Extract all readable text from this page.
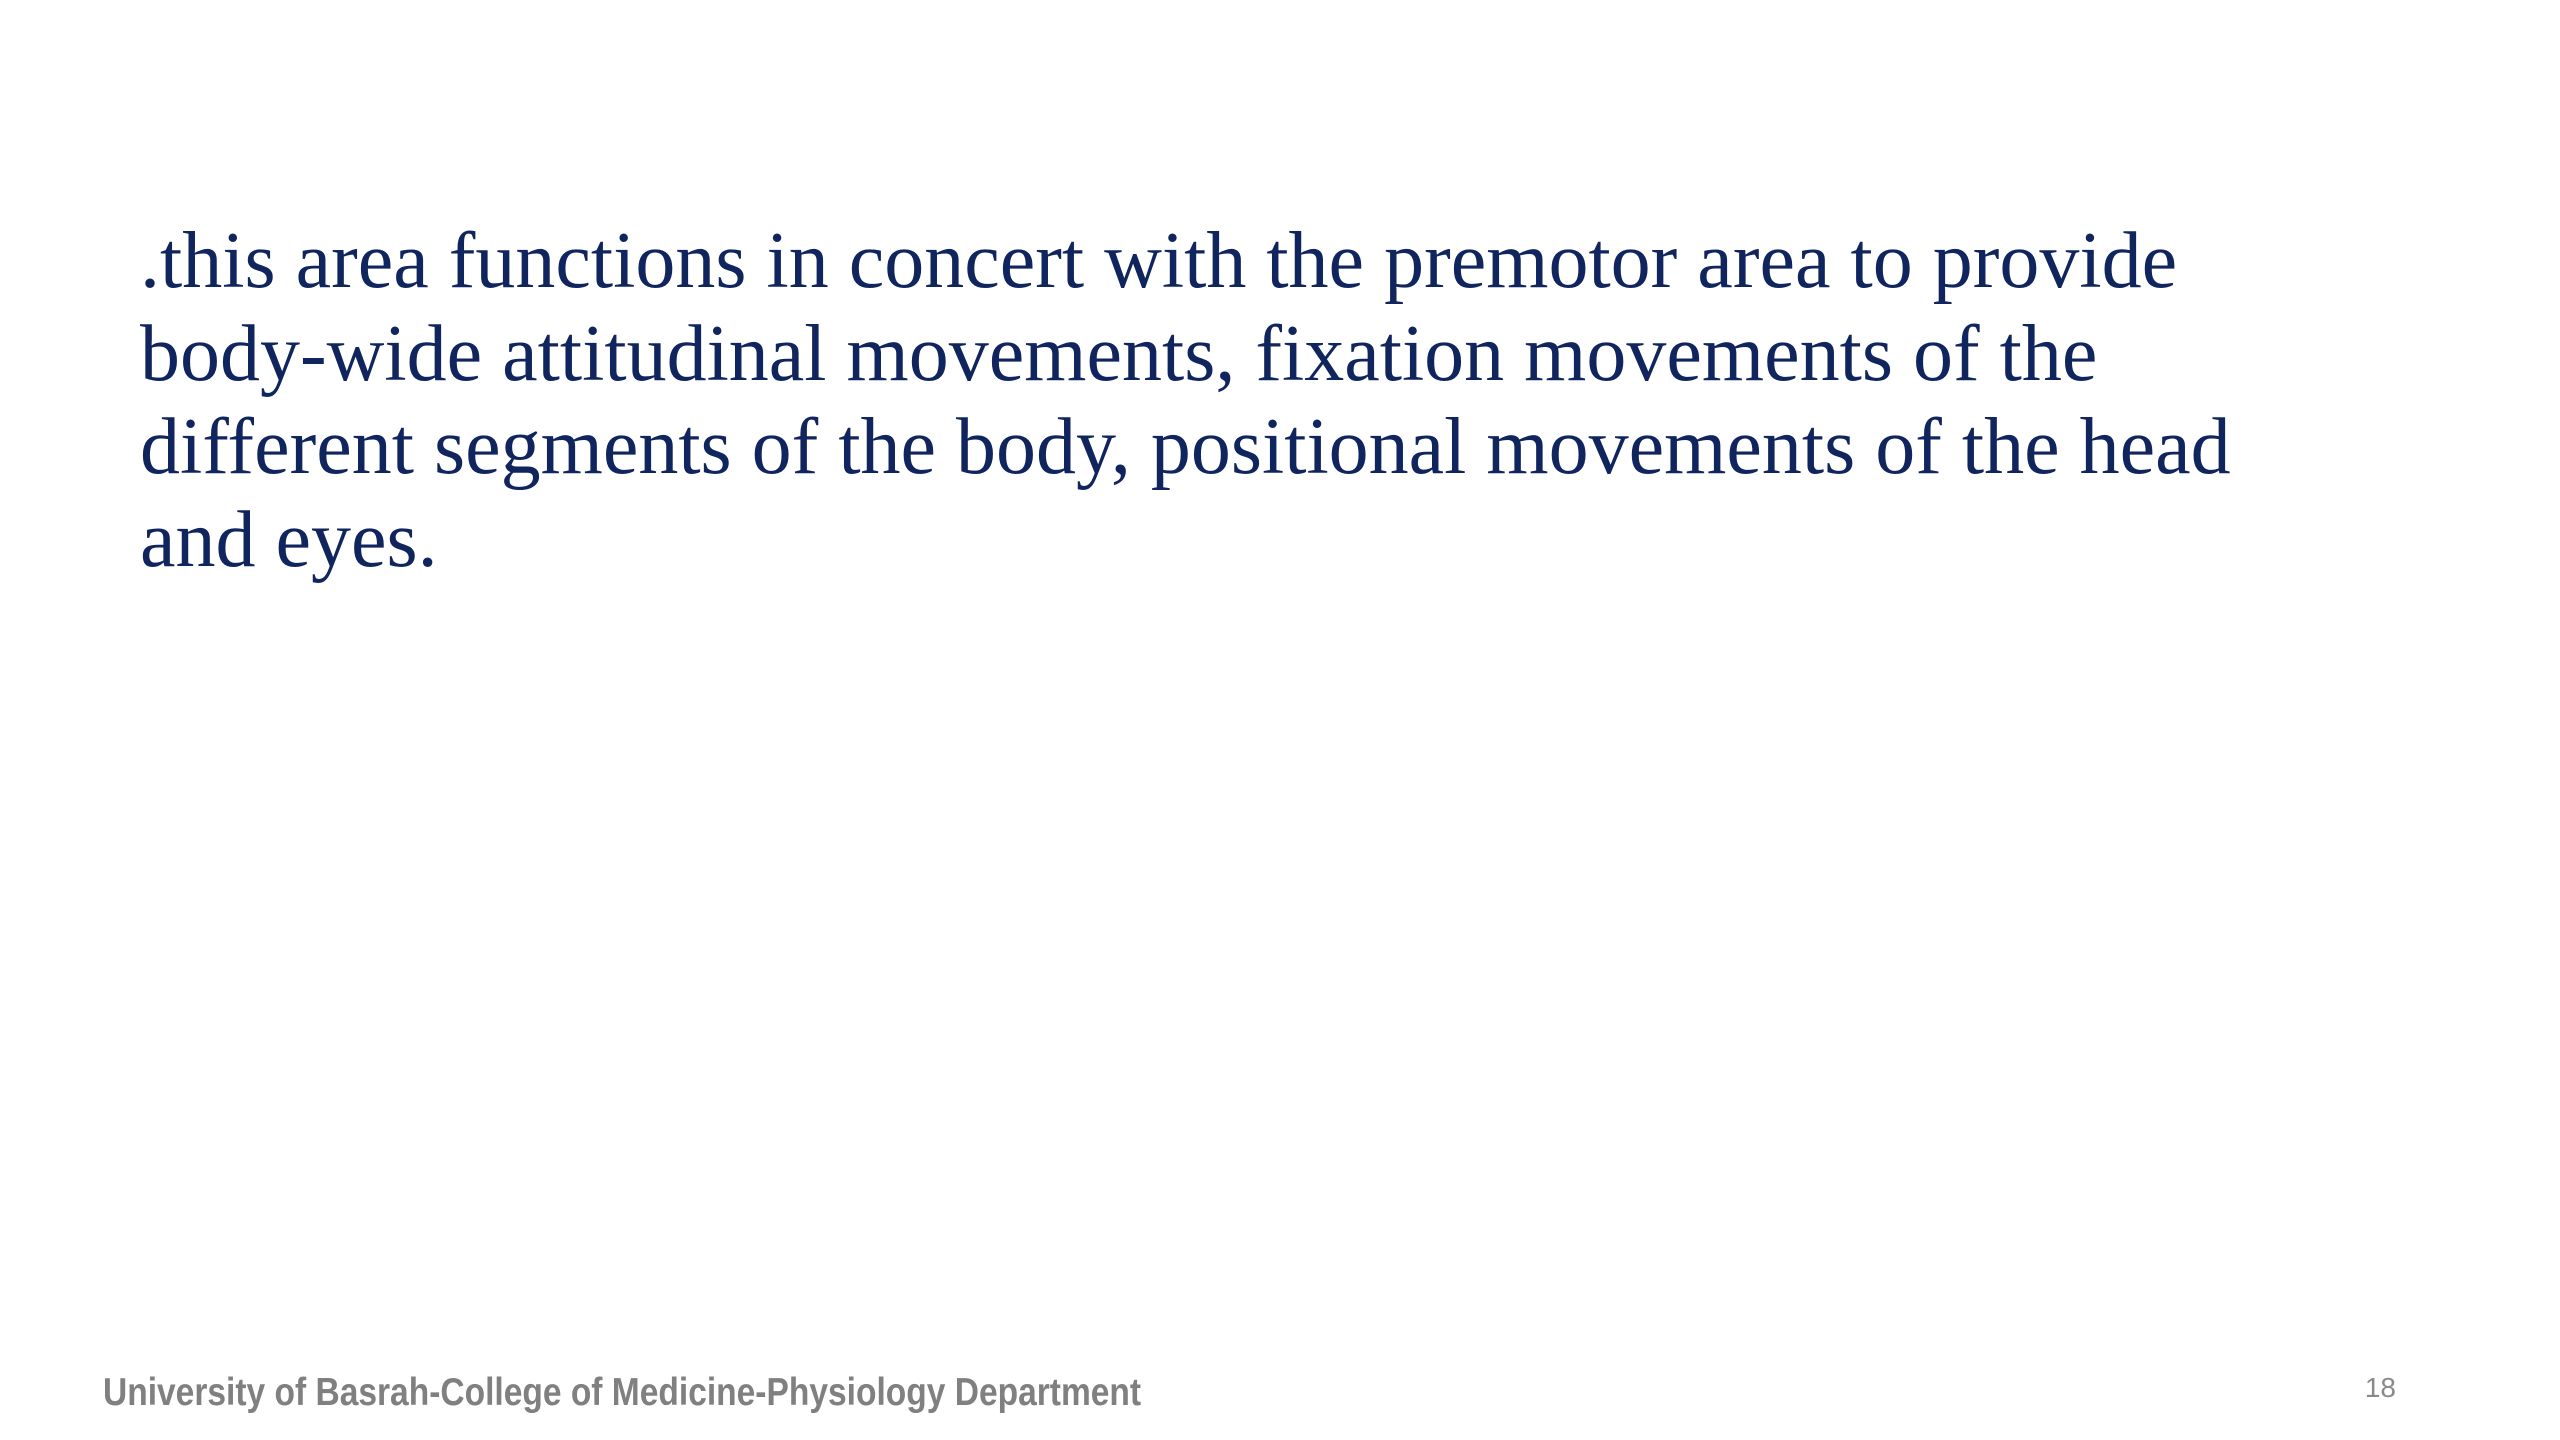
.this area functions in concert with the premotor area to provide body-wide attitudinal movements, fixation movements of the different segments of the body, positional movements of the head and eyes.

University of Basrah-College of Medicine-Physiology Department	18
